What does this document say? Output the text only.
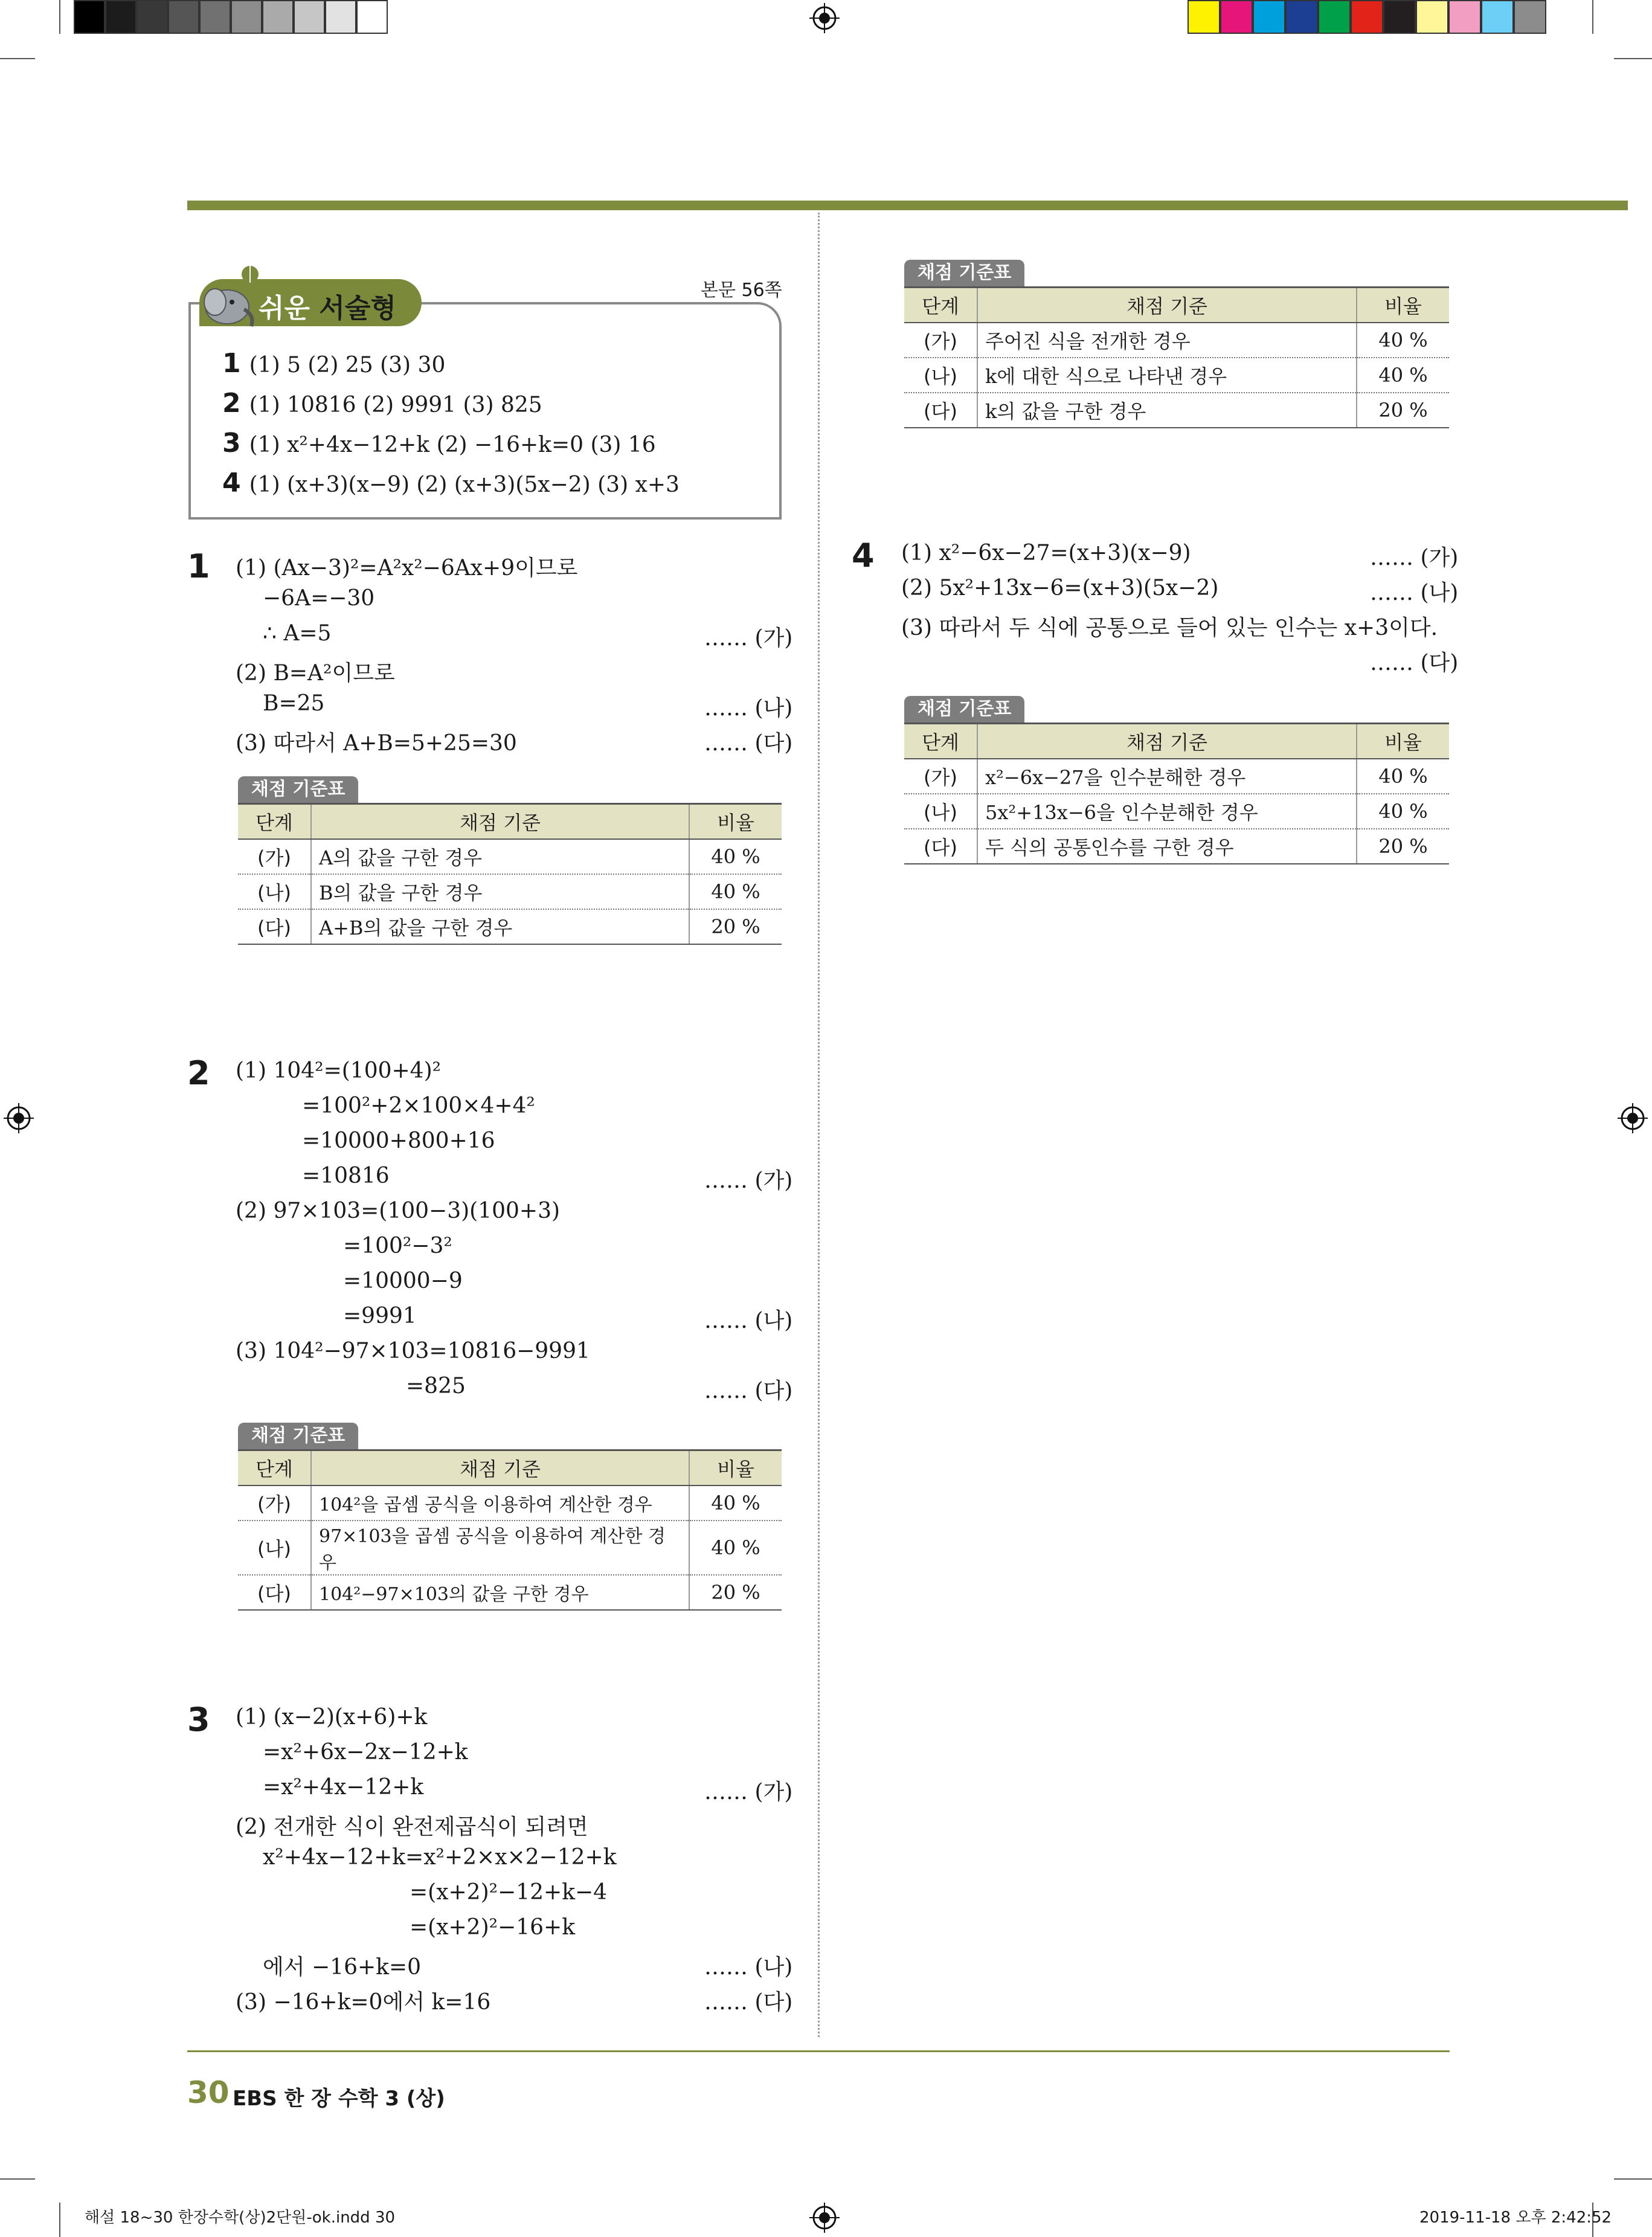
쉬운 서술형
본문 56쪽
1 (1) 5 (2) 25 (3) 30
2 (1) 10816 (2) 9991 (3) 825
3 (1) x²+4x−12+k (2) −16+k=0 (3) 16
4 (1) (x+3)(x−9) (2) (x+3)(5x−2) (3) x+3
1 (1) (Ax−3)²=A²x²−6Ax+9이므로
−6A=−30
∴ A=5	…… (가)
(2) B=A²이므로
B=25	…… (나)
(3) 따라서 A+B=5+25=30	…… (다)
채점 기준표
단계	채점 기준	비율
(가)	A의 값을 구한 경우	40 %
(나)	B의 값을 구한 경우	40 %
(다)	A+B의 값을 구한 경우	20 %
2 (1) 104²=(100+4)²
=100²+2×100×4+4²
=10000+800+16
=10816	…… (가)
(2) 97×103=(100−3)(100+3)
=100²−3²
=10000−9
=9991	…… (나)
(3) 104²−97×103=10816−9991
=825	…… (다)
채점 기준표
단계	채점 기준	비율
(가)	104²을 곱셈 공식을 이용하여 계산한 경우	40 %
(나)	97×103을 곱셈 공식을 이용하여 계산한 경우	40 %
(다)	104²−97×103의 값을 구한 경우	20 %
3 (1) (x−2)(x+6)+k
=x²+6x−2x−12+k
=x²+4x−12+k	…… (가)
(2) 전개한 식이 완전제곱식이 되려면
x²+4x−12+k=x²+2×x×2−12+k
=(x+2)²−12+k−4
=(x+2)²−16+k
에서 −16+k=0	…… (나)
(3) −16+k=0에서 k=16	…… (다)
채점 기준표
단계	채점 기준	비율
(가)	주어진 식을 전개한 경우	40 %
(나)	k에 대한 식으로 나타낸 경우	40 %
(다)	k의 값을 구한 경우	20 %
4 (1) x²−6x−27=(x+3)(x−9)	…… (가)
(2) 5x²+13x−6=(x+3)(5x−2)	…… (나)
(3) 따라서 두 식에 공통으로 들어 있는 인수는 x+3이다.
…… (다)
채점 기준표
단계	채점 기준	비율
(가)	x²−6x−27을 인수분해한 경우	40 %
(나)	5x²+13x−6을 인수분해한 경우	40 %
(다)	두 식의 공통인수를 구한 경우	20 %
30 EBS 한 장 수학 3 (상)
해설 18~30 한장수학(상)2단원-ok.indd 30	2019-11-18 오후 2:42:52
